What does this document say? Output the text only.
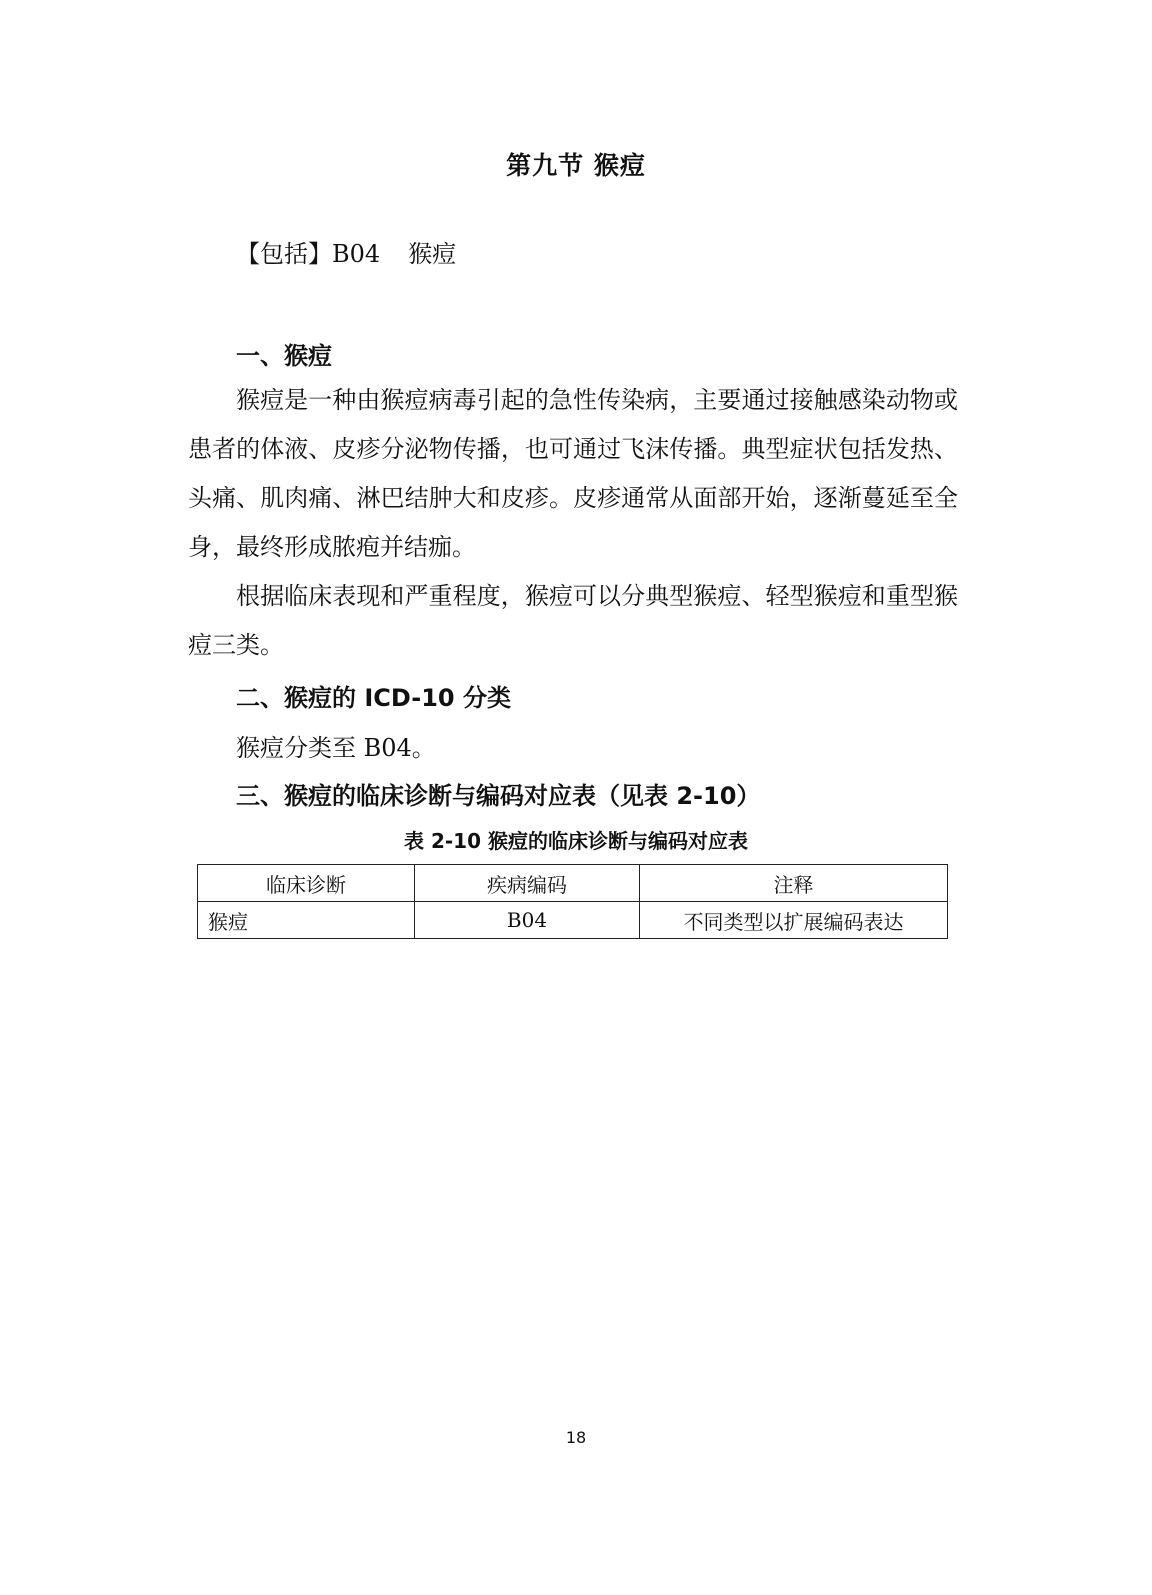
第九节 猴痘
【包括】B04 猴痘
一、猴痘
猴痘是一种由猴痘病毒引起的急性传染病，主要通过接触感染动物或患者的体液、皮疹分泌物传播，也可通过飞沫传播。典型症状包括发热、头痛、肌肉痛、淋巴结肿大和皮疹。皮疹通常从面部开始，逐渐蔓延至全身，最终形成脓疱并结痂。
根据临床表现和严重程度，猴痘可以分典型猴痘、轻型猴痘和重型猴痘三类。
二、猴痘的 ICD-10 分类
猴痘分类至 B04。
三、猴痘的临床诊断与编码对应表（见表 2-10）
表 2-10 猴痘的临床诊断与编码对应表
临床诊断	疾病编码	注释
猴痘	B04	不同类型以扩展编码表达
18
